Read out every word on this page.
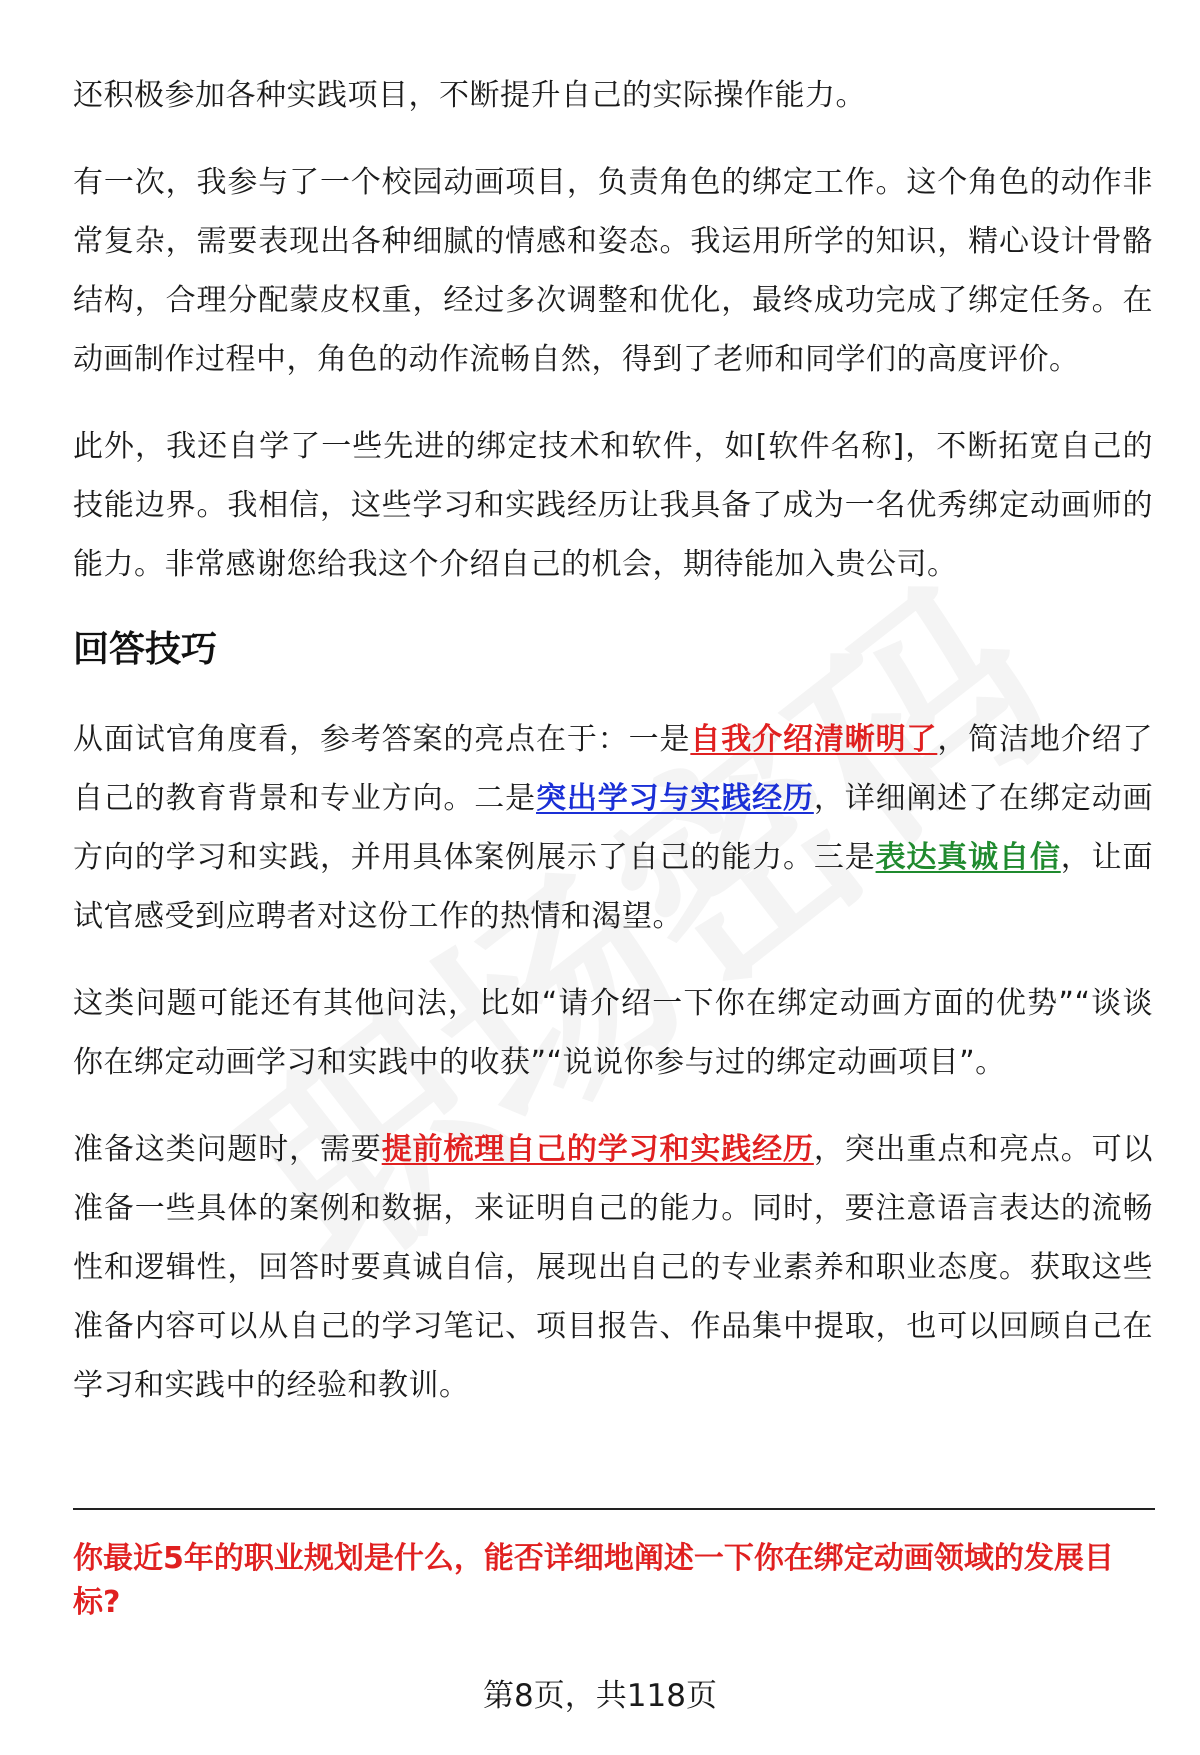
还积极参加各种实践项目，不断提升自己的实际操作能力。

有一次，我参与了一个校园动画项目，负责角色的绑定工作。这个角色的动作非常复杂，需要表现出各种细腻的情感和姿态。我运用所学的知识，精心设计骨骼结构，合理分配蒙皮权重，经过多次调整和优化，最终成功完成了绑定任务。在动画制作过程中，角色的动作流畅自然，得到了老师和同学们的高度评价。

此外，我还自学了一些先进的绑定技术和软件，如[软件名称]，不断拓宽自己的技能边界。我相信，这些学习和实践经历让我具备了成为一名优秀绑定动画师的能力。非常感谢您给我这个介绍自己的机会，期待能加入贵公司。

回答技巧

从面试官角度看，参考答案的亮点在于：一是自我介绍清晰明了，简洁地介绍了自己的教育背景和专业方向。二是突出学习与实践经历，详细阐述了在绑定动画方向的学习和实践，并用具体案例展示了自己的能力。三是表达真诚自信，让面试官感受到应聘者对这份工作的热情和渴望。

这类问题可能还有其他问法，比如“请介绍一下你在绑定动画方面的优势”“谈谈你在绑定动画学习和实践中的收获”“说说你参与过的绑定动画项目”。

准备这类问题时，需要提前梳理自己的学习和实践经历，突出重点和亮点。可以准备一些具体的案例和数据，来证明自己的能力。同时，要注意语言表达的流畅性和逻辑性，回答时要真诚自信，展现出自己的专业素养和职业态度。获取这些准备内容可以从自己的学习笔记、项目报告、作品集中提取，也可以回顾自己在学习和实践中的经验和教训。

你最近5年的职业规划是什么，能否详细地阐述一下你在绑定动画领域的发展目标?
第8页，共118页
